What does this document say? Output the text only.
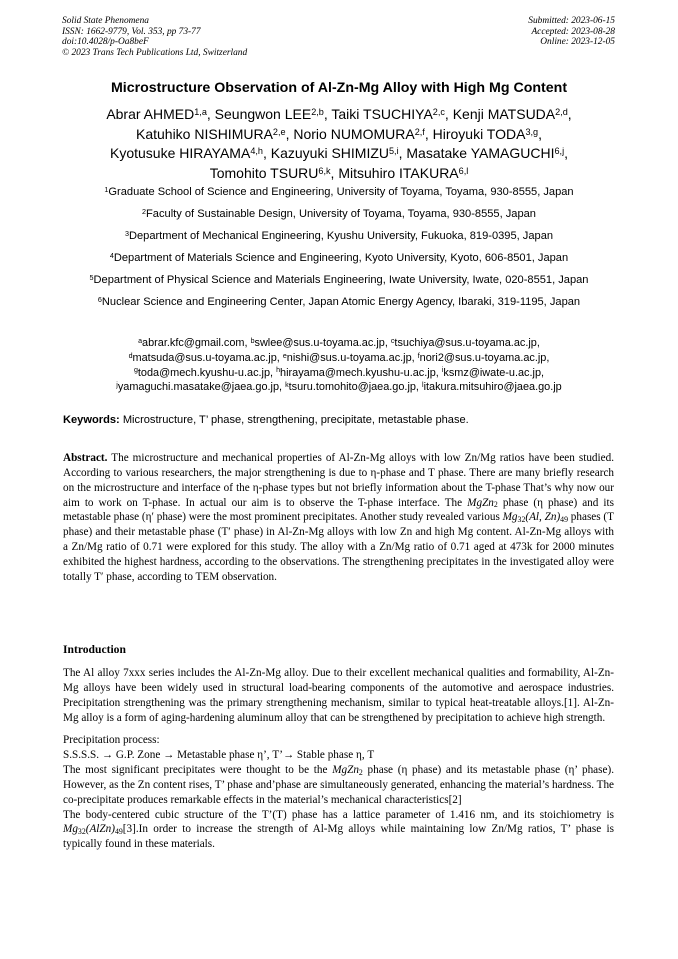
Solid State Phenomena
ISSN: 1662-9779, Vol. 353, pp 73-77
doi:10.4028/p-Oa8beF
© 2023 Trans Tech Publications Ltd, Switzerland
Submitted: 2023-06-15
Accepted: 2023-08-28
Online: 2023-12-05
Microstructure Observation of Al-Zn-Mg Alloy with High Mg Content
Abrar AHMED$^{1,a}$, Seungwon LEE$^{2,b}$, Taiki TSUCHIYA$^{2,c}$, Kenji MATSUDA$^{2,d}$,
Katuhiko NISHIMURA$^{2,e}$, Norio NUMOMURA$^{2,f}$, Hiroyuki TODA$^{3,g}$,
Kyotusuke HIRAYAMA$^{4,h}$, Kazuyuki SHIMIZU$^{5,i}$, Masatake YAMAGUCHI$^{6,j}$,
Tomohito TSURU$^{6,k}$, Mitsuhiro ITAKURA$^{6,l}$
$^1$Graduate School of Science and Engineering, University of Toyama, Toyama, 930-8555, Japan
$^2$Faculty of Sustainable Design, University of Toyama, Toyama, 930-8555, Japan
$^3$Department of Mechanical Engineering, Kyushu University, Fukuoka, 819-0395, Japan
$^4$Department of Materials Science and Engineering, Kyoto University, Kyoto, 606-8501, Japan
$^5$Department of Physical Science and Materials Engineering, Iwate University, Iwate, 020-8551, Japan
$^6$Nuclear Science and Engineering Center, Japan Atomic Energy Agency, Ibaraki, 319-1195, Japan
$^a$abrar.kfc@gmail.com, $^b$swlee@sus.u-toyama.ac.jp, $^c$tsuchiya@sus.u-toyama.ac.jp,
$^d$matsuda@sus.u-toyama.ac.jp, $^e$nishi@sus.u-toyama.ac.jp, $^f$nori2@sus.u-toyama.ac.jp,
$^g$toda@mech.kyushu-u.ac.jp, $^h$hirayama@mech.kyushu-u.ac.jp, $^i$ksmz@iwate-u.ac.jp,
$^j$yamaguchi.masatake@jaea.go.jp, $^k$tsuru.tomohito@jaea.go.jp, $^l$itakura.mitsuhiro@jaea.go.jp
Keywords: Microstructure, T’ phase, strengthening, precipitate, metastable phase.
Abstract. The microstructure and mechanical properties of Al-Zn-Mg alloys with low Zn/Mg ratios have been studied. According to various researchers, the major strengthening is due to η-phase and T phase. There are many briefly research on the microstructure and interface of the η-phase types but not briefly information about the T-phase That’s why now our aim to work on T-phase. In actual our aim is to observe the T-phase interface. The MgZn2 phase (η phase) and its metastable phase (η′ phase) were the most prominent precipitates. Another study revealed various Mg32(Al, Zn)49 phases (T phase) and their metastable phase (T′ phase) in Al-Zn-Mg alloys with low Zn and high Mg content. Al-Zn-Mg alloys with a Zn/Mg ratio of 0.71 were explored for this study. The alloy with a Zn/Mg ratio of 0.71 aged at 473k for 2000 minutes exhibited the highest hardness, according to the observations. The strengthening precipitates in the investigated alloy were totally T′ phase, according to TEM observation.
Introduction

The Al alloy 7xxx series includes the Al-Zn-Mg alloy. Due to their excellent mechanical qualities and formability, Al-Zn-Mg alloys have been widely used in structural load-bearing components of the automotive and aerospace industries. Precipitation strengthening was the primary strengthening mechanism, similar to typical heat-treatable alloys.[1]. Al-Zn-Mg alloy is a form of aging-hardening aluminum alloy that can be strengthened by precipitation to achieve high strength.

Precipitation process:
S.S.S.S. → G.P. Zone → Metastable phase η’, T’→ Stable phase η, T
The most significant precipitates were thought to be the MgZn2 phase (η phase) and its metastable phase (η’ phase). However, as the Zn content rises, T’ phase and’phase are simultaneously generated, enhancing the material’s hardness. The co-precipitate produces remarkable effects in the material’s mechanical characteristics[2]
The body-centered cubic structure of the T’(T) phase has a lattice parameter of 1.416 nm, and its stoichiometry is Mg32(AlZn)49[3].In order to increase the strength of Al-Mg alloys while maintaining low Zn/Mg ratios, T’ phase is typically found in these materials.
